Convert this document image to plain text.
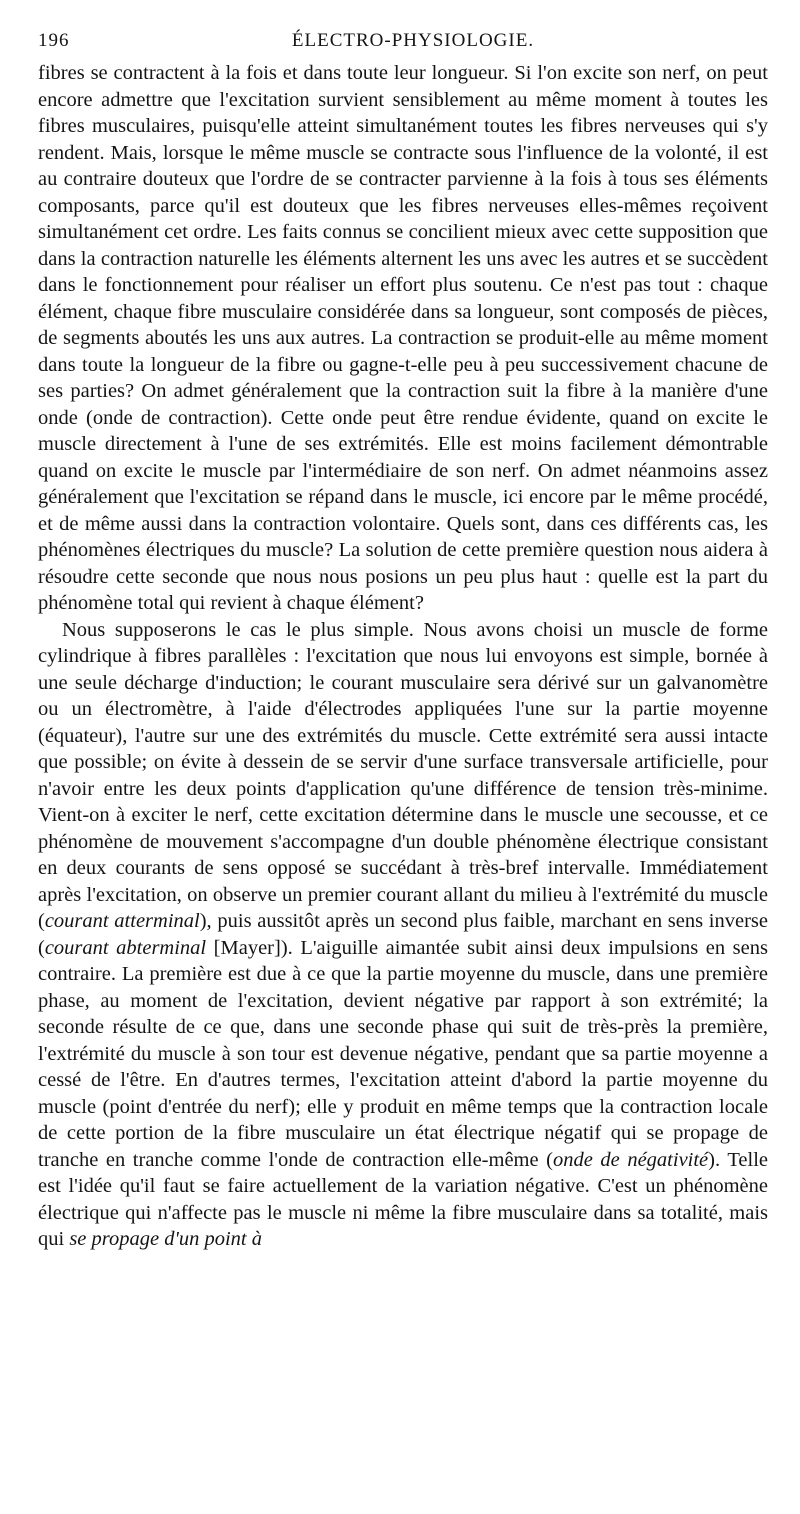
196	ÉLECTRO-PHYSIOLOGIE.

fibres se contractent à la fois et dans toute leur longueur. Si l'on excite son nerf, on peut encore admettre que l'excitation survient sensiblement au même moment à toutes les fibres musculaires, puisqu'elle atteint simultanément toutes les fibres nerveuses qui s'y rendent. Mais, lorsque le même muscle se contracte sous l'influence de la volonté, il est au contraire douteux que l'ordre de se contracter parvienne à la fois à tous ses éléments composants, parce qu'il est douteux que les fibres nerveuses elles-mêmes reçoivent simultanément cet ordre. Les faits connus se concilient mieux avec cette supposition que dans la contraction naturelle les éléments alternent les uns avec les autres et se succèdent dans le fonctionnement pour réaliser un effort plus soutenu. Ce n'est pas tout : chaque élément, chaque fibre musculaire considérée dans sa longueur, sont composés de pièces, de segments aboutés les uns aux autres. La contraction se produit-elle au même moment dans toute la longueur de la fibre ou gagne-t-elle peu à peu successivement chacune de ses parties? On admet généralement que la contraction suit la fibre à la manière d'une onde (onde de contraction). Cette onde peut être rendue évidente, quand on excite le muscle directement à l'une de ses extrémités. Elle est moins facilement démontrable quand on excite le muscle par l'intermédiaire de son nerf. On admet néanmoins assez généralement que l'excitation se répand dans le muscle, ici encore par le même procédé, et de même aussi dans la contraction volontaire. Quels sont, dans ces différents cas, les phénomènes électriques du muscle? La solution de cette première question nous aidera à résoudre cette seconde que nous nous posions un peu plus haut : quelle est la part du phénomène total qui revient à chaque élément?

Nous supposerons le cas le plus simple. Nous avons choisi un muscle de forme cylindrique à fibres parallèles : l'excitation que nous lui envoyons est simple, bornée à une seule décharge d'induction; le courant musculaire sera dérivé sur un galvanomètre ou un électromètre, à l'aide d'électrodes appliquées l'une sur la partie moyenne (équateur), l'autre sur une des extrémités du muscle. Cette extrémité sera aussi intacte que possible; on évite à dessein de se servir d'une surface transversale artificielle, pour n'avoir entre les deux points d'application qu'une différence de tension très-minime. Vient-on à exciter le nerf, cette excitation détermine dans le muscle une secousse, et ce phénomène de mouvement s'accompagne d'un double phénomène électrique consistant en deux courants de sens opposé se succédant à très-bref intervalle. Immédiatement après l'excitation, on observe un premier courant allant du milieu à l'extrémité du muscle (courant atterminal), puis aussitôt après un second plus faible, marchant en sens inverse (courant abterminal [Mayer]). L'aiguille aimantée subit ainsi deux impulsions en sens contraire. La première est due à ce que la partie moyenne du muscle, dans une première phase, au moment de l'excitation, devient négative par rapport à son extrémité; la seconde résulte de ce que, dans une seconde phase qui suit de très-près la première, l'extrémité du muscle à son tour est devenue négative, pendant que sa partie moyenne a cessé de l'être. En d'autres termes, l'excitation atteint d'abord la partie moyenne du muscle (point d'entrée du nerf); elle y produit en même temps que la contraction locale de cette portion de la fibre musculaire un état électrique négatif qui se propage de tranche en tranche comme l'onde de contraction elle-même (onde de négativité). Telle est l'idée qu'il faut se faire actuellement de la variation négative. C'est un phénomène électrique qui n'affecte pas le muscle ni même la fibre musculaire dans sa totalité, mais qui se propage d'un point à
